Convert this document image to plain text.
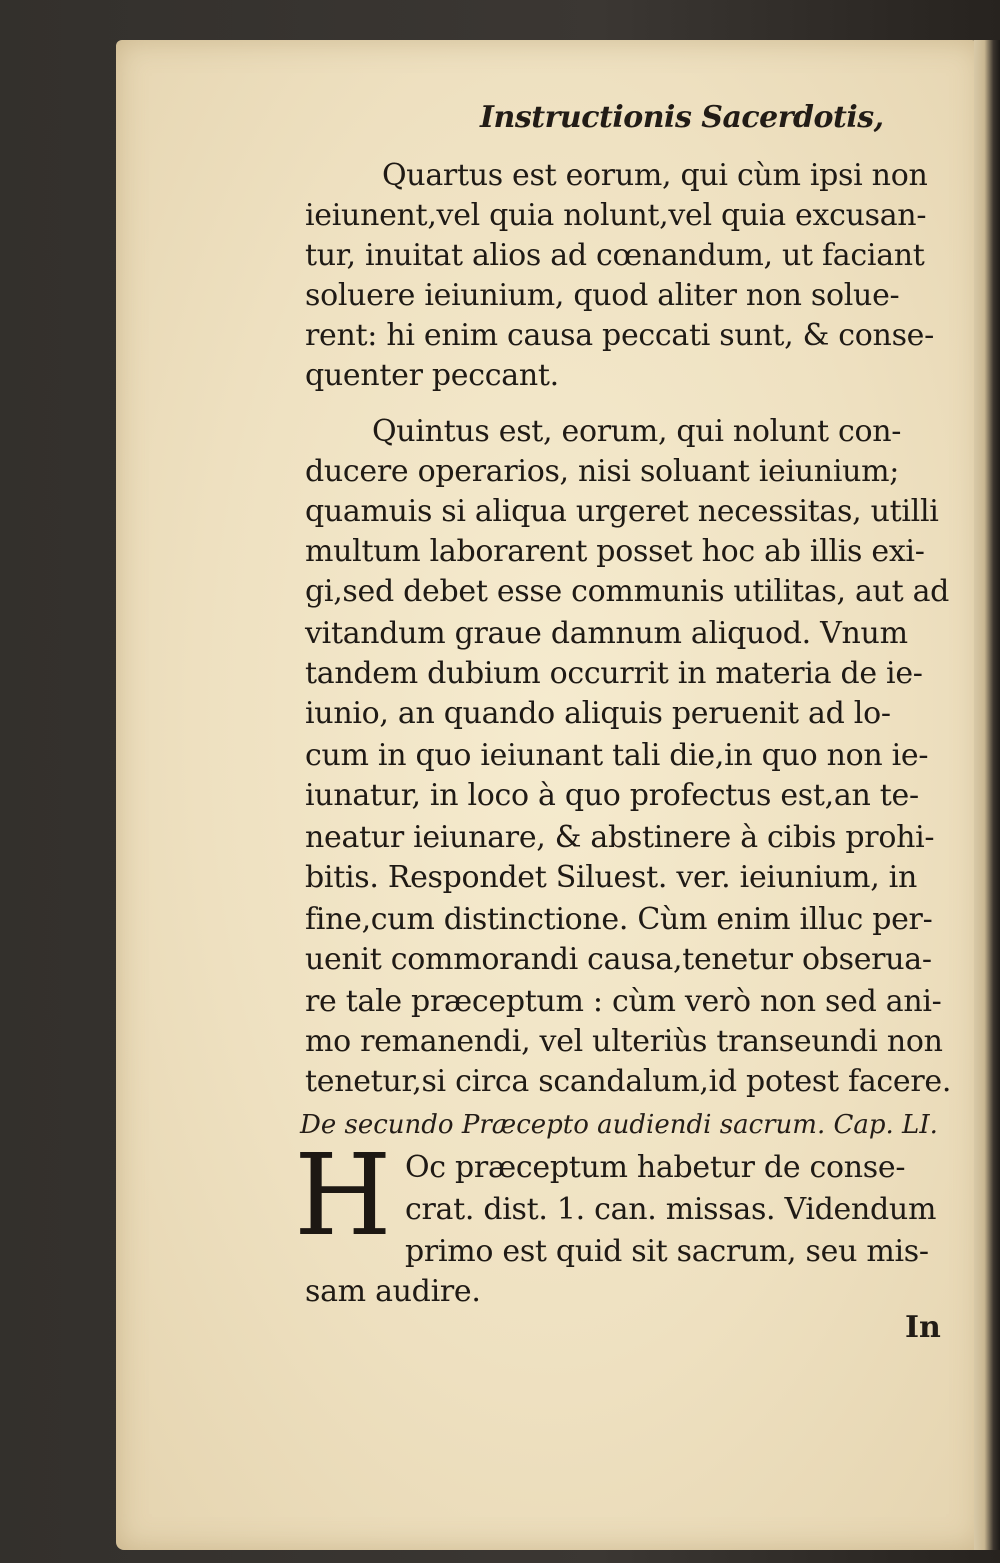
Instructionis Sacerdotis,
Quartus est eorum, qui cùm ipsi non
ieiunent,vel quia nolunt,vel quia excusan-
tur, inuitat alios ad cœnandum, ut faciant
soluere ieiunium, quod aliter non solue-
rent: hi enim causa peccati sunt, & conse-
quenter peccant.
Quintus est, eorum, qui nolunt con-
ducere operarios, nisi soluant ieiunium;
quamuis si aliqua urgeret necessitas, utilli
multum laborarent posset hoc ab illis exi-
gi,sed debet esse communis utilitas, aut ad
vitandum graue damnum aliquod. Vnum
tandem dubium occurrit in materia de ie-
iunio, an quando aliquis peruenit ad lo-
cum in quo ieiunant tali die,in quo non ie-
iunatur, in loco à quo profectus est,an te-
neatur ieiunare, & abstinere à cibis prohi-
bitis. Respondet Siluest. ver. ieiunium, in
fine,cum distinctione. Cùm enim illuc per-
uenit commorandi causa,tenetur obserua-
re tale præceptum : cùm verò non sed ani-
mo remanendi, vel ulteriùs transeundi non
tenetur,si circa scandalum,id potest facere.
De secundo Præcepto audiendi sacrum. Cap. LI.
H Oc præceptum habetur de conse-
crat. dist. 1. can. missas. Videndum
primo est quid sit sacrum, seu mis-
sam audire.
In
